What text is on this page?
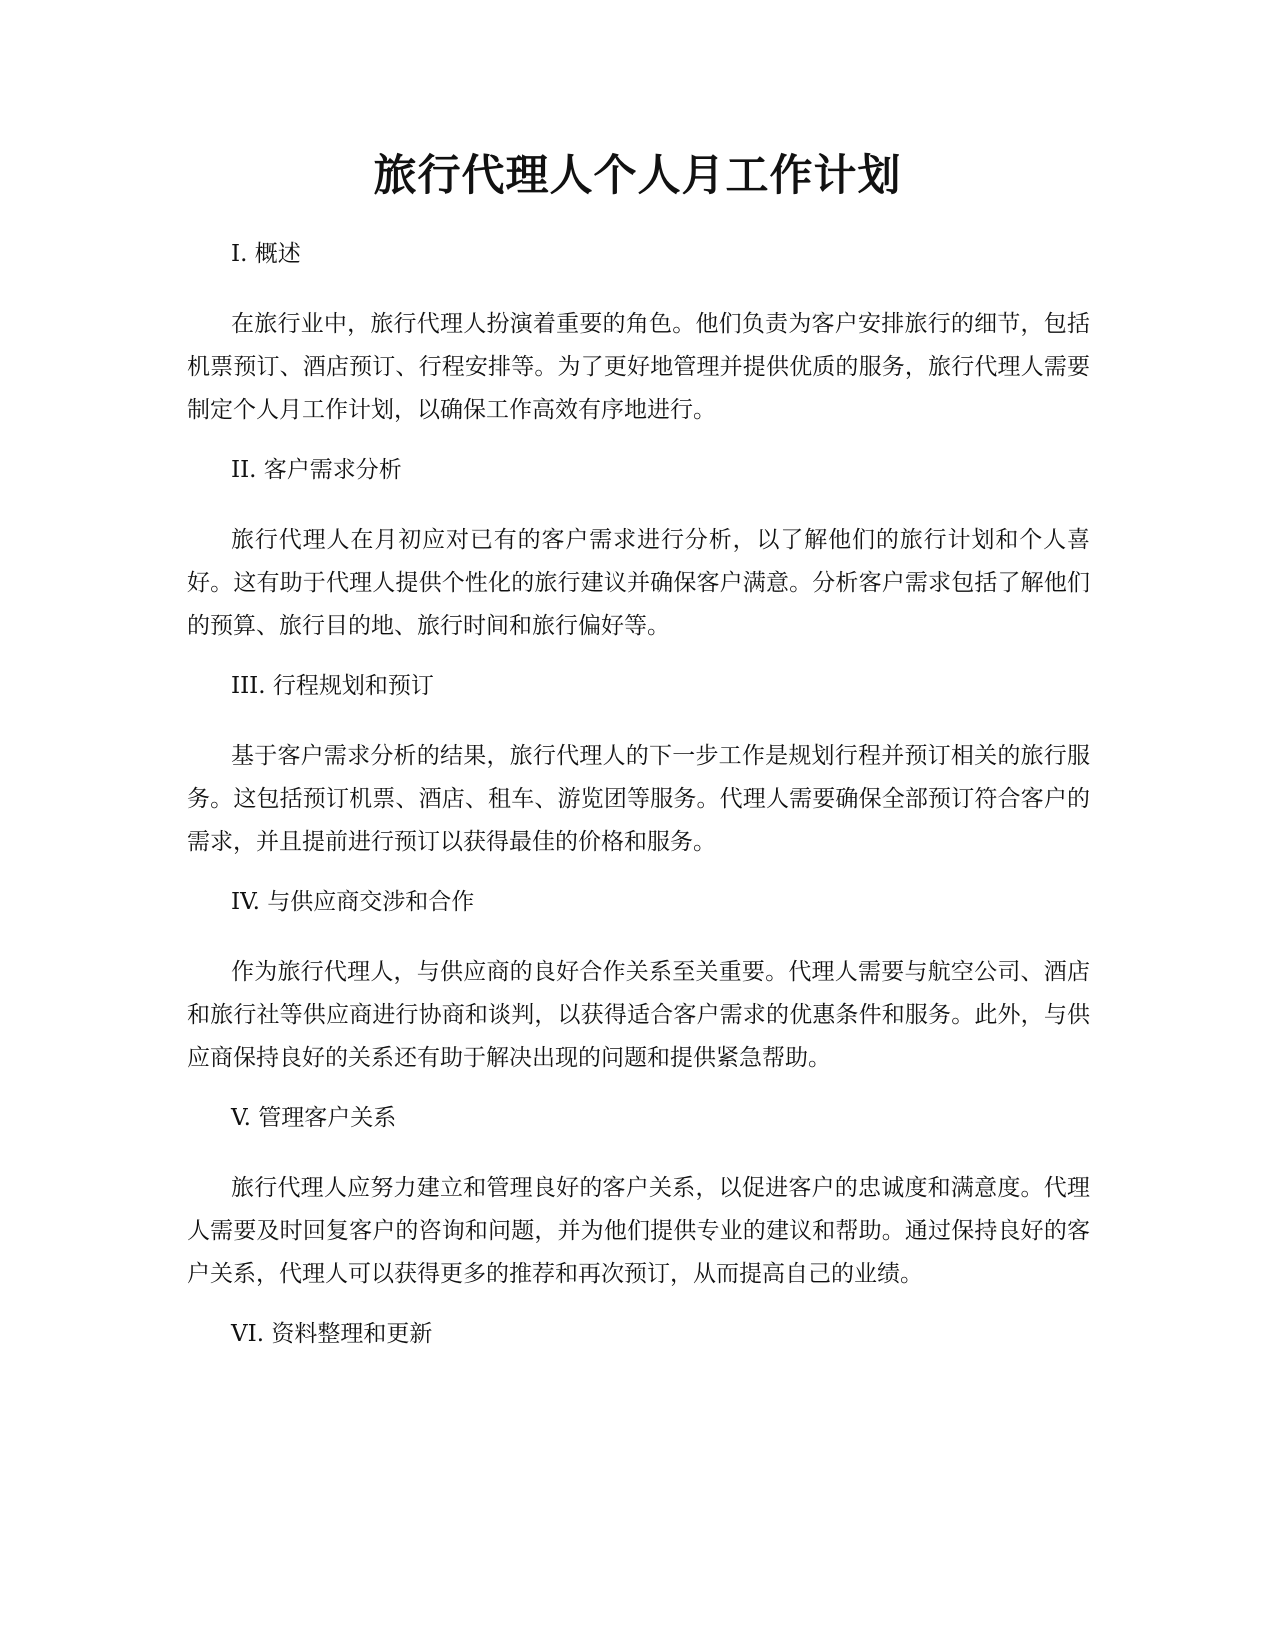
旅行代理人个人月工作计划

I. 概述

在旅行业中，旅行代理人扮演着重要的角色。他们负责为客户安排旅行的细节，包括机票预订、酒店预订、行程安排等。为了更好地管理并提供优质的服务，旅行代理人需要制定个人月工作计划，以确保工作高效有序地进行。

II. 客户需求分析

旅行代理人在月初应对已有的客户需求进行分析，以了解他们的旅行计划和个人喜好。这有助于代理人提供个性化的旅行建议并确保客户满意。分析客户需求包括了解他们的预算、旅行目的地、旅行时间和旅行偏好等。

III. 行程规划和预订

基于客户需求分析的结果，旅行代理人的下一步工作是规划行程并预订相关的旅行服务。这包括预订机票、酒店、租车、游览团等服务。代理人需要确保全部预订符合客户的需求，并且提前进行预订以获得最佳的价格和服务。

IV. 与供应商交涉和合作

作为旅行代理人，与供应商的良好合作关系至关重要。代理人需要与航空公司、酒店和旅行社等供应商进行协商和谈判，以获得适合客户需求的优惠条件和服务。此外，与供应商保持良好的关系还有助于解决出现的问题和提供紧急帮助。

V. 管理客户关系

旅行代理人应努力建立和管理良好的客户关系，以促进客户的忠诚度和满意度。代理人需要及时回复客户的咨询和问题，并为他们提供专业的建议和帮助。通过保持良好的客户关系，代理人可以获得更多的推荐和再次预订，从而提高自己的业绩。

VI. 资料整理和更新
